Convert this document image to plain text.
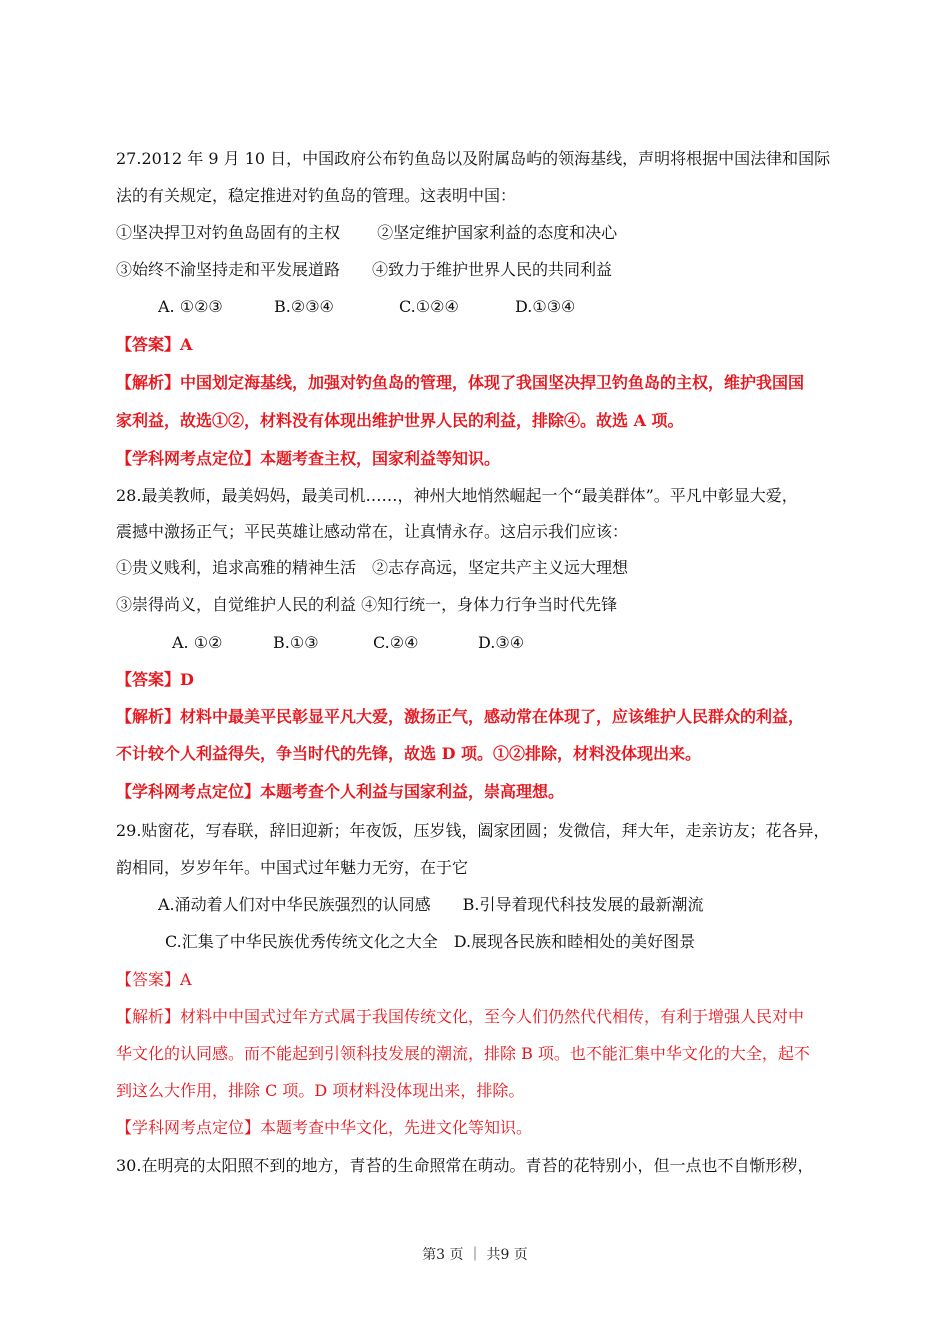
27.2012 年 9 月 10 日，中国政府公布钓鱼岛以及附属岛屿的领海基线，声明将根据中国法律和国际
法的有关规定，稳定推进对钓鱼岛的管理。这表明中国：
①坚决捍卫对钓鱼岛固有的主权　　 ②坚定维护国家利益的态度和决心
③始终不渝坚持走和平发展道路　　④致力于维护世界人民的共同利益
A. ①②③	B.②③④	C.①②④	D.①③④
【答案】A
【解析】中国划定海基线，加强对钓鱼岛的管理，体现了我国坚决捍卫钓鱼岛的主权，维护我国国
家利益，故选①②，材料没有体现出维护世界人民的利益，排除④。故选 A 项。
【学科网考点定位】本题考查主权，国家利益等知识。
28.最美教师，最美妈妈，最美司机……，神州大地悄然崛起一个“最美群体”。平凡中彰显大爱，
震撼中激扬正气；平民英雄让感动常在，让真情永存。这启示我们应该：
①贵义贱利，追求高雅的精神生活　②志存高远，坚定共产主义远大理想
③崇得尚义，自觉维护人民的利益 ④知行统一，身体力行争当时代先锋
A. ①②	B.①③	C.②④	D.③④
【答案】D
【解析】材料中最美平民彰显平凡大爱，激扬正气，感动常在体现了，应该维护人民群众的利益，
不计较个人利益得失，争当时代的先锋，故选 D 项。①②排除，材料没体现出来。
【学科网考点定位】本题考查个人利益与国家利益，崇高理想。
29.贴窗花，写春联，辞旧迎新；年夜饭，压岁钱，阖家团圆；发微信，拜大年，走亲访友；花各异，
韵相同，岁岁年年。中国式过年魅力无穷，在于它
A.涌动着人们对中华民族强烈的认同感　　B.引导着现代科技发展的最新潮流
C.汇集了中华民族优秀传统文化之大全　D.展现各民族和睦相处的美好图景
【答案】A
【解析】材料中中国式过年方式属于我国传统文化，至今人们仍然代代相传，有利于增强人民对中
华文化的认同感。而不能起到引领科技发展的潮流，排除 B 项。也不能汇集中华文化的大全，起不
到这么大作用，排除 C 项。D 项材料没体现出来，排除。
【学科网考点定位】本题考查中华文化，先进文化等知识。
30.在明亮的太阳照不到的地方，青苔的生命照常在萌动。青苔的花特别小，但一点也不自惭形秽，
第3 页 ｜ 共9 页
